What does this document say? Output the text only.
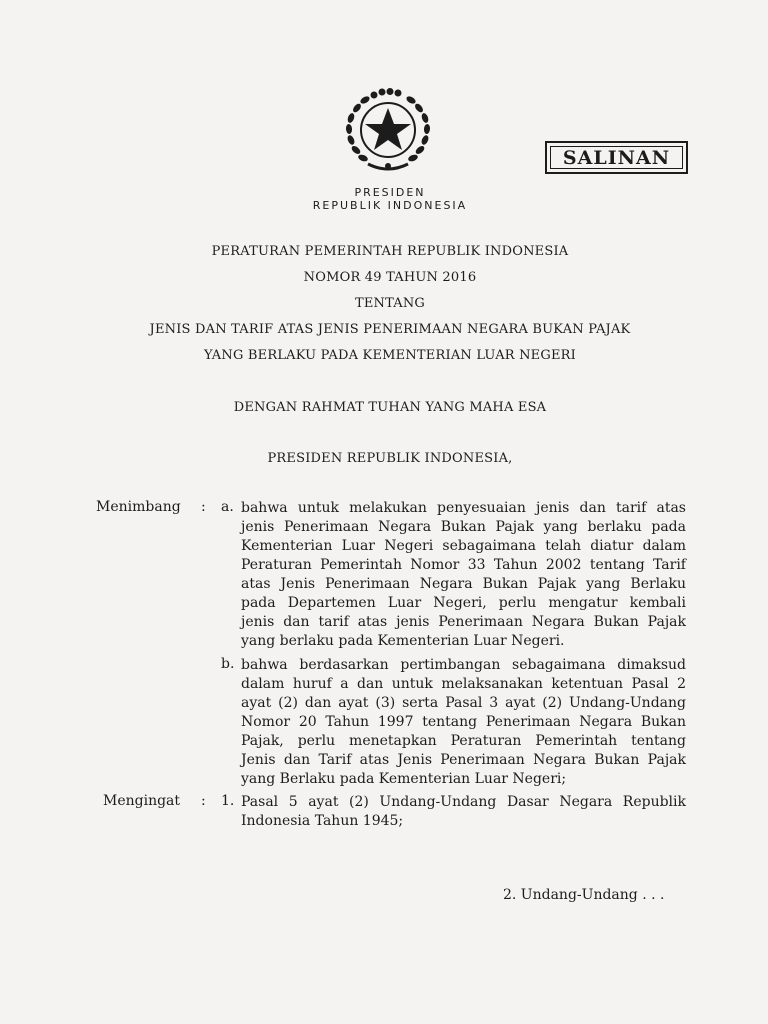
SALINAN
PRESIDEN
REPUBLIK INDONESIA
PERATURAN PEMERINTAH REPUBLIK INDONESIA
NOMOR 49 TAHUN 2016
TENTANG
JENIS DAN TARIF ATAS JENIS PENERIMAAN NEGARA BUKAN PAJAK
YANG BERLAKU PADA KEMENTERIAN LUAR NEGERI
DENGAN RAHMAT TUHAN YANG MAHA ESA
PRESIDEN REPUBLIK INDONESIA,
Menimbang : a. bahwa untuk melakukan penyesuaian jenis dan tarif atas
jenis Penerimaan Negara Bukan Pajak yang berlaku pada
Kementerian Luar Negeri sebagaimana telah diatur dalam
Peraturan Pemerintah Nomor 33 Tahun 2002 tentang Tarif
atas Jenis Penerimaan Negara Bukan Pajak yang Berlaku
pada Departemen Luar Negeri, perlu mengatur kembali
jenis dan tarif atas jenis Penerimaan Negara Bukan Pajak
yang berlaku pada Kementerian Luar Negeri.
b. bahwa berdasarkan pertimbangan sebagaimana dimaksud
dalam huruf a dan untuk melaksanakan ketentuan Pasal 2
ayat (2) dan ayat (3) serta Pasal 3 ayat (2) Undang-Undang
Nomor 20 Tahun 1997 tentang Penerimaan Negara Bukan
Pajak, perlu menetapkan Peraturan Pemerintah tentang
Jenis dan Tarif atas Jenis Penerimaan Negara Bukan Pajak
yang Berlaku pada Kementerian Luar Negeri;
Mengingat : 1. Pasal 5 ayat (2) Undang-Undang Dasar Negara Republik
Indonesia Tahun 1945;
2. Undang-Undang . . .
